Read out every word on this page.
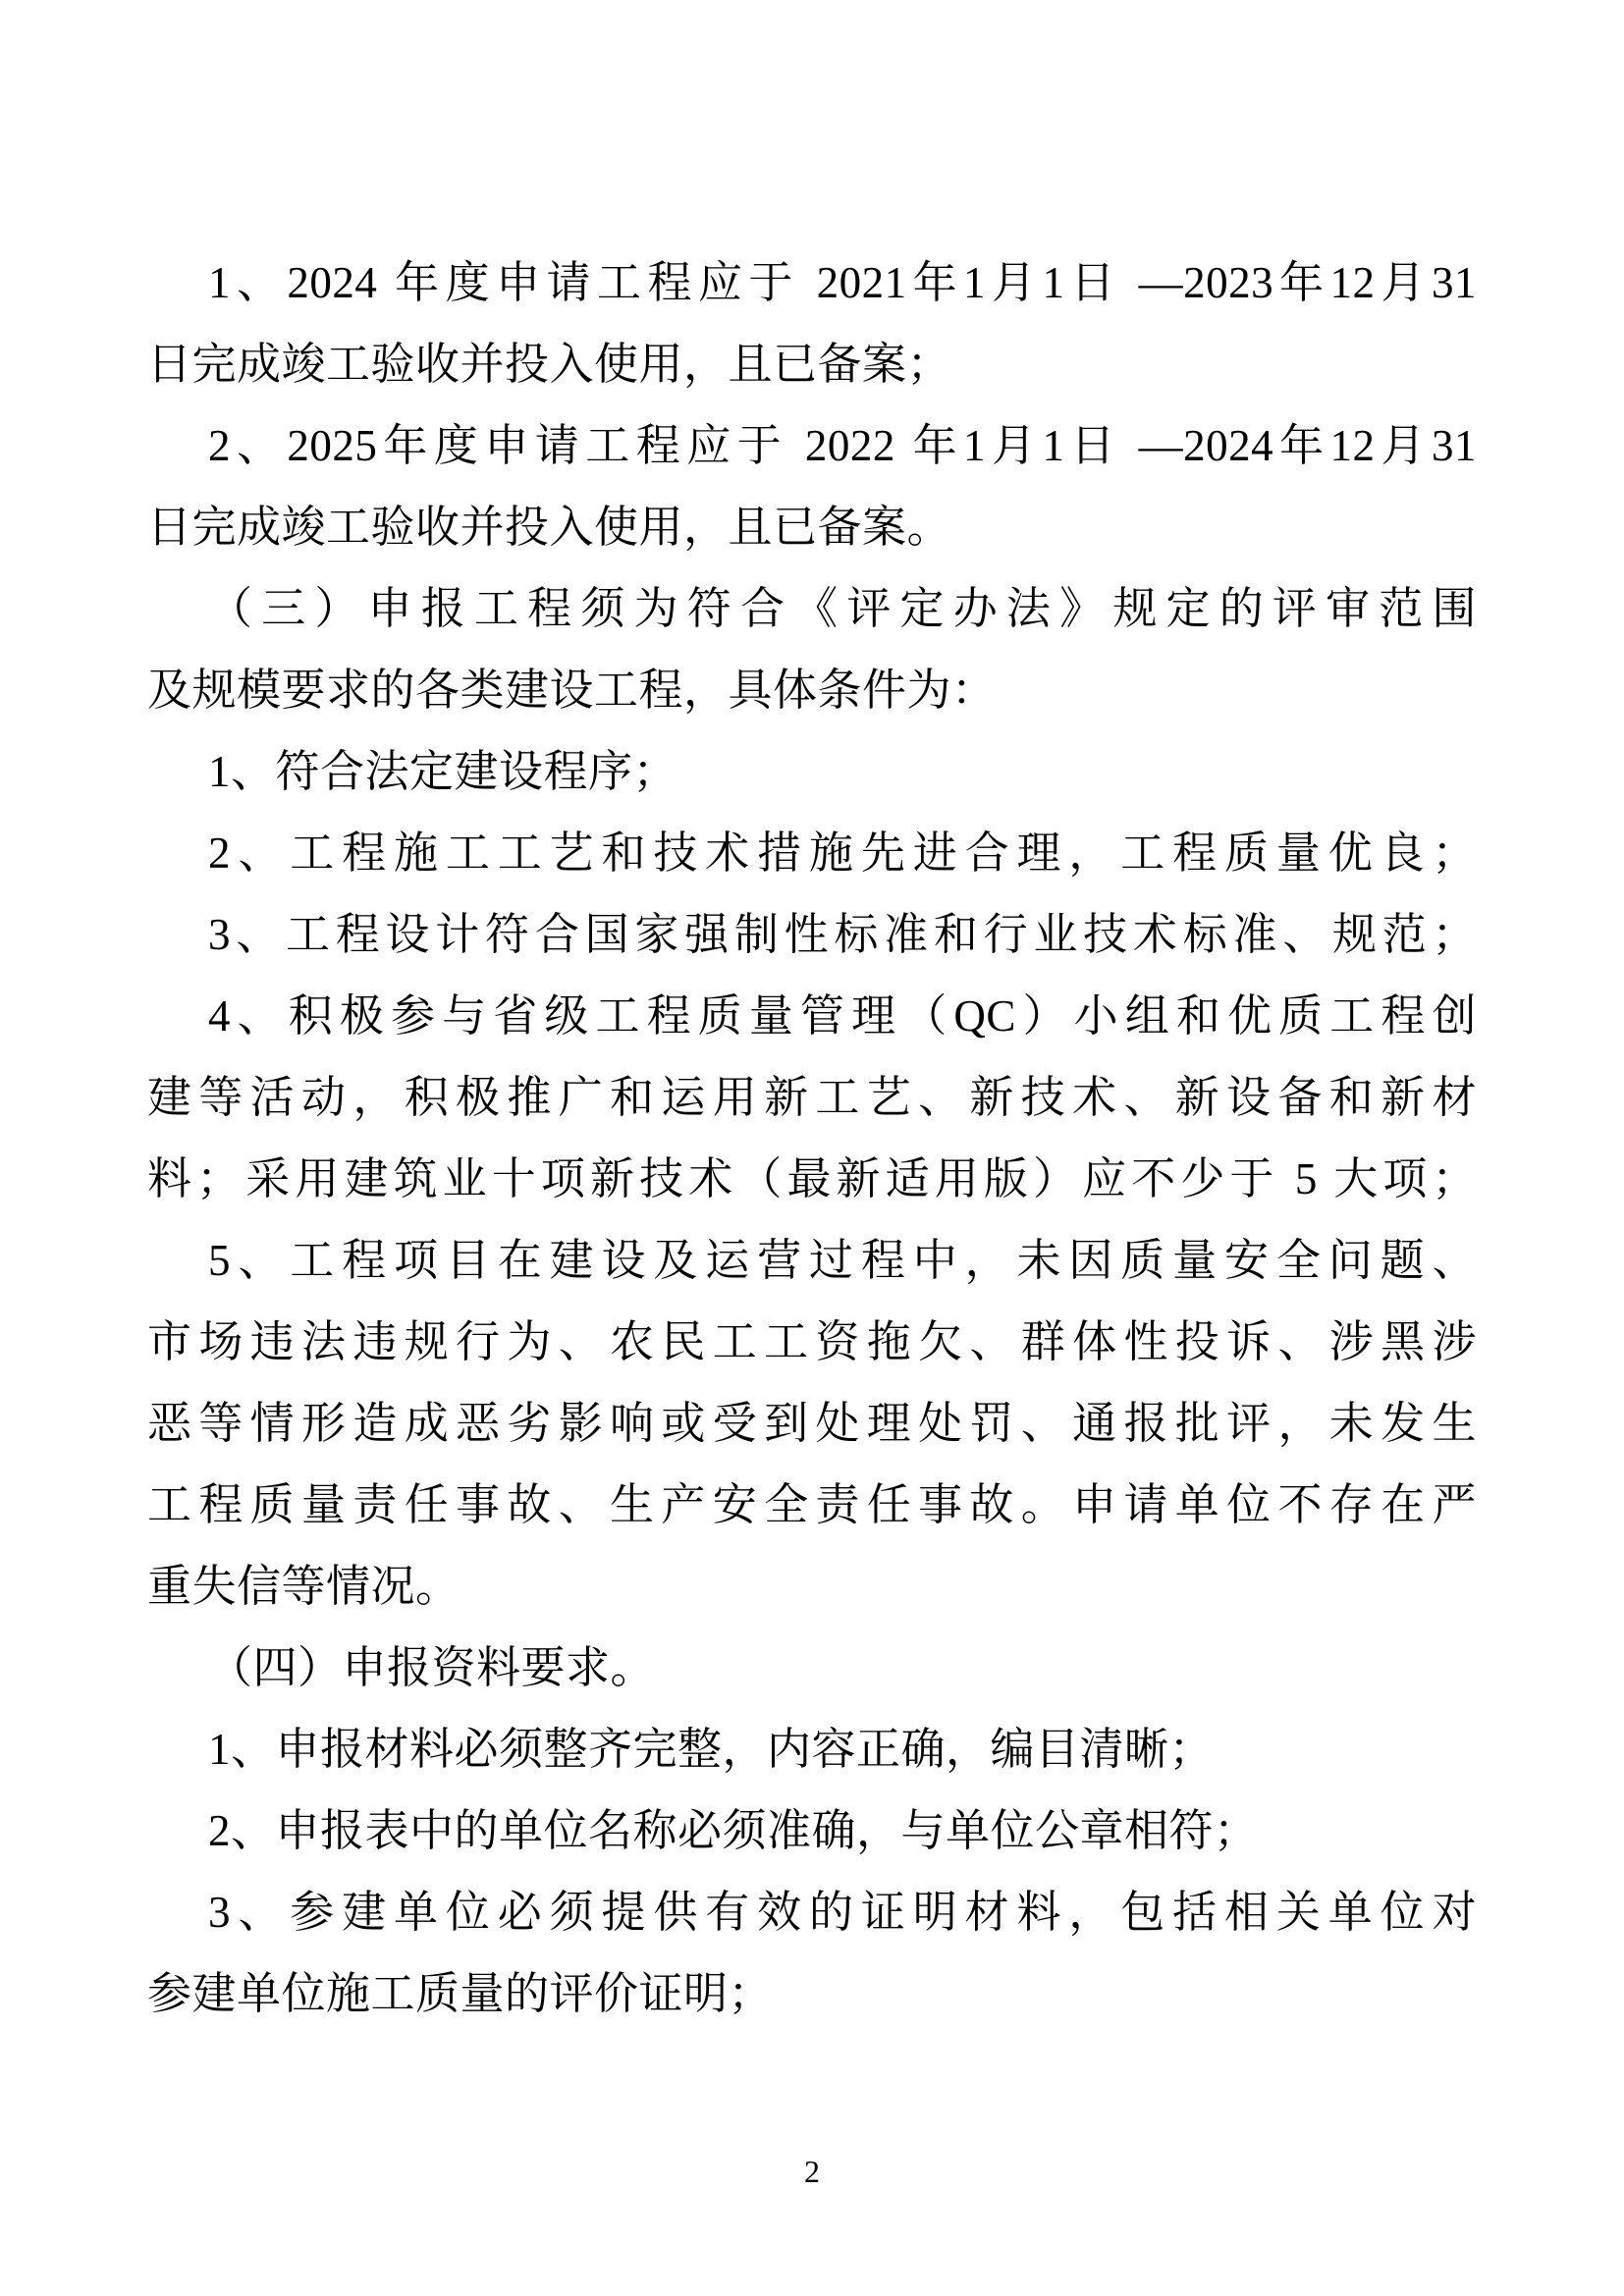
1、2024 年度申请工程应于 2021年1月1日 —2023年12月31
日完成竣工验收并投入使用，且已备案；
2、2025年度申请工程应于 2022 年1月1日 —2024年12月31
日完成竣工验收并投入使用，且已备案。
（三）申报工程须为符合《评定办法》规定的评审范围
及规模要求的各类建设工程，具体条件为：
1、符合法定建设程序；
2、工程施工工艺和技术措施先进合理，工程质量优良；
3、工程设计符合国家强制性标准和行业技术标准、规范；
4、积极参与省级工程质量管理（QC）小组和优质工程创
建等活动，积极推广和运用新工艺、新技术、新设备和新材
料；采用建筑业十项新技术（最新适用版）应不少于 5 大项；
5、工程项目在建设及运营过程中，未因质量安全问题、
市场违法违规行为、农民工工资拖欠、群体性投诉、涉黑涉
恶等情形造成恶劣影响或受到处理处罚、通报批评，未发生
工程质量责任事故、生产安全责任事故。申请单位不存在严
重失信等情况。
（四）申报资料要求。
1、申报材料必须整齐完整，内容正确，编目清晰；
2、申报表中的单位名称必须准确，与单位公章相符；
3、参建单位必须提供有效的证明材料，包括相关单位对
参建单位施工质量的评价证明；
2
